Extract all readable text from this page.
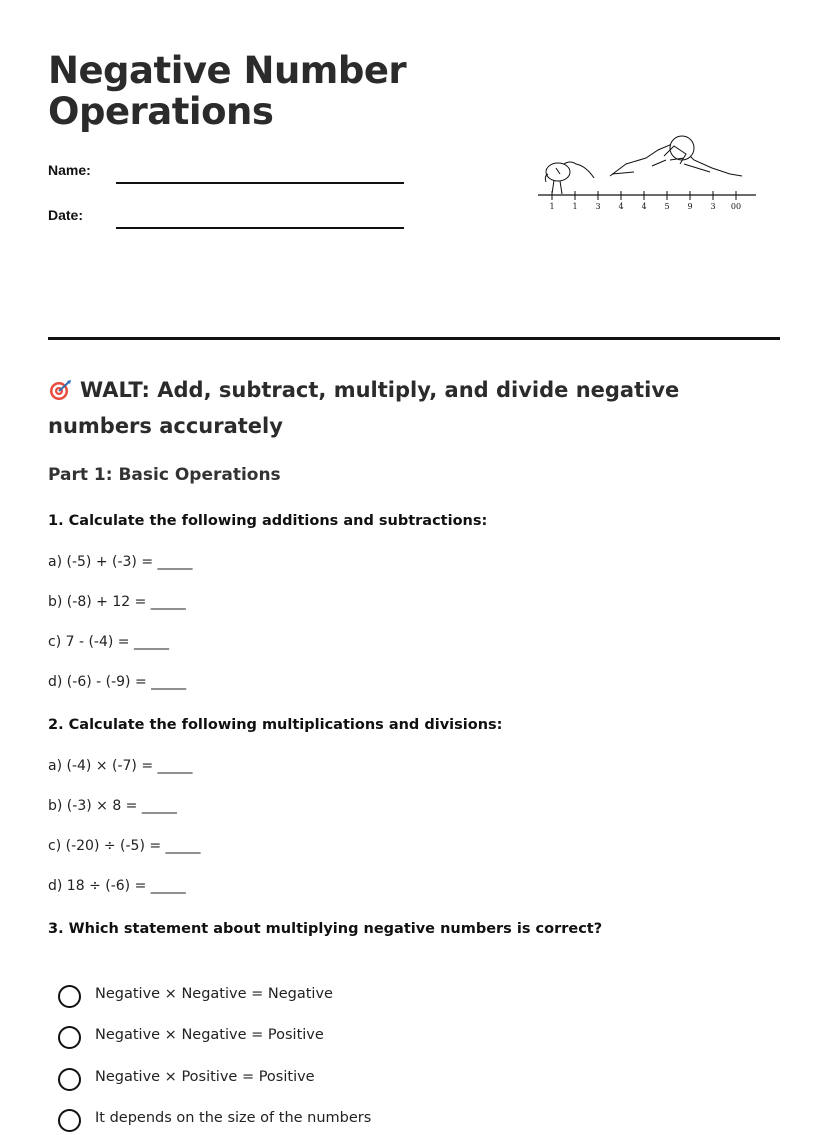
Negative Number Operations
Name:
Date:
1 1 3 4 4 5 9 3 00
WALT: Add, subtract, multiply, and divide negative numbers accurately
Part 1: Basic Operations

1. Calculate the following additions and subtractions:

a) (-5) + (-3) = _____

b) (-8) + 12 = _____

c) 7 - (-4) = _____

d) (-6) - (-9) = _____

2. Calculate the following multiplications and divisions:

a) (-4) × (-7) = _____

b) (-3) × 8 = _____

c) (-20) ÷ (-5) = _____

d) 18 ÷ (-6) = _____

3. Which statement about multiplying negative numbers is correct?

Negative × Negative = Negative
Negative × Negative = Positive
Negative × Positive = Positive
It depends on the size of the numbers
